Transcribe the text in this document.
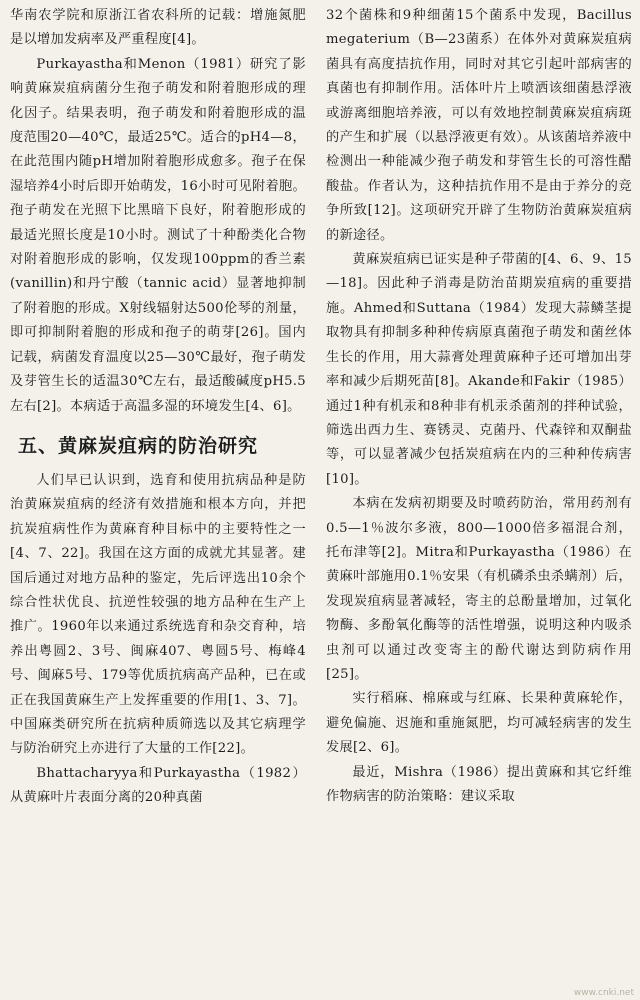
华南农学院和原浙江省农科所的记载：增施氮肥是以增加发病率及严重程度[4]。

Purkayastha和Menon（1981）研究了影响黄麻炭疽病菌分生孢子萌发和附着胞形成的理化因子。结果表明，孢子萌发和附着胞形成的温度范围20—40℃，最适25℃。适合的pH4—8，在此范围内随pH增加附着胞形成愈多。孢子在保湿培养4小时后即开始萌发，16小时可见附着胞。孢子萌发在光照下比黑暗下良好，附着胞形成的最适光照长度是10小时。测试了十种酚类化合物对附着胞形成的影响，仅发现100ppm的香兰素(vanillin)和丹宁酸（tannic acid）显著地抑制了附着胞的形成。X射线辐射达500伦琴的剂量，即可抑制附着胞的形成和孢子的萌芽[26]。国内记载，病菌发育温度以25—30℃最好，孢子萌发及芽管生长的适温30℃左右，最适酸碱度pH5.5左右[2]。本病适于高温多湿的环境发生[4、6]。

五、黄麻炭疽病的防治研究

人们早已认识到，选育和使用抗病品种是防治黄麻炭疽病的经济有效措施和根本方向，并把抗炭疽病性作为黄麻育种目标中的主要特性之一[4、7、22]。我国在这方面的成就尤其显著。建国后通过对地方品种的鉴定，先后评选出10余个综合性状优良、抗逆性较强的地方品种在生产上推广。1960年以来通过系统选育和杂交育种，培养出粤圆2、3号、闽麻407、粤圆5号、梅峰4号、闽麻5号、179等优质抗病高产品种，已在或正在我国黄麻生产上发挥重要的作用[1、3、7]。中国麻类研究所在抗病种质筛选以及其它病理学与防治研究上亦进行了大量的工作[22]。

Bhattacharyya和Purkayastha（1982）从黄麻叶片表面分离的20种真菌

32个菌株和9种细菌15个菌系中发现，Bacillus megaterium（B—23菌系）在体外对黄麻炭疽病菌具有高度拮抗作用，同时对其它引起叶部病害的真菌也有抑制作用。活体叶片上喷洒该细菌悬浮液或游离细胞培养液，可以有效地控制黄麻炭疽病斑的产生和扩展（以悬浮液更有效）。从该菌培养液中检测出一种能减少孢子萌发和芽管生长的可溶性醋酸盐。作者认为，这种拮抗作用不是由于养分的竞争所致[12]。这项研究开辟了生物防治黄麻炭疽病的新途径。

黄麻炭疽病已证实是种子带菌的[4、6、9、15—18]。因此种子消毒是防治苗期炭疽病的重要措施。Ahmed和Suttana（1984）发现大蒜鳞茎提取物具有抑制多种种传病原真菌孢子萌发和菌丝体生长的作用，用大蒜膏处理黄麻种子还可增加出芽率和减少后期死苗[8]。Akande和Fakir（1985）通过1种有机汞和8种非有机汞杀菌剂的拌种试验，筛选出西力生、赛锈灵、克菌丹、代森锌和双酮盐等，可以显著减少包括炭疽病在内的三种种传病害[10]。

本病在发病初期要及时喷药防治，常用药剂有0.5—1％波尔多液，800—1000倍多福混合剂，托布津等[2]。Mitra和Purkayastha（1986）在黄麻叶部施用0.1％安果（有机磷杀虫杀螨剂）后，发现炭疽病显著减轻，寄主的总酚量增加，过氧化物酶、多酚氧化酶等的活性增强，说明这种内吸杀虫剂可以通过改变寄主的酚代谢达到防病作用[25]。

实行稻麻、棉麻或与红麻、长果种黄麻轮作，避免偏施、迟施和重施氮肥，均可减轻病害的发生发展[2、6]。

最近，Mishra（1986）提出黄麻和其它纤维作物病害的防治策略：建议采取

www.cnki.net
